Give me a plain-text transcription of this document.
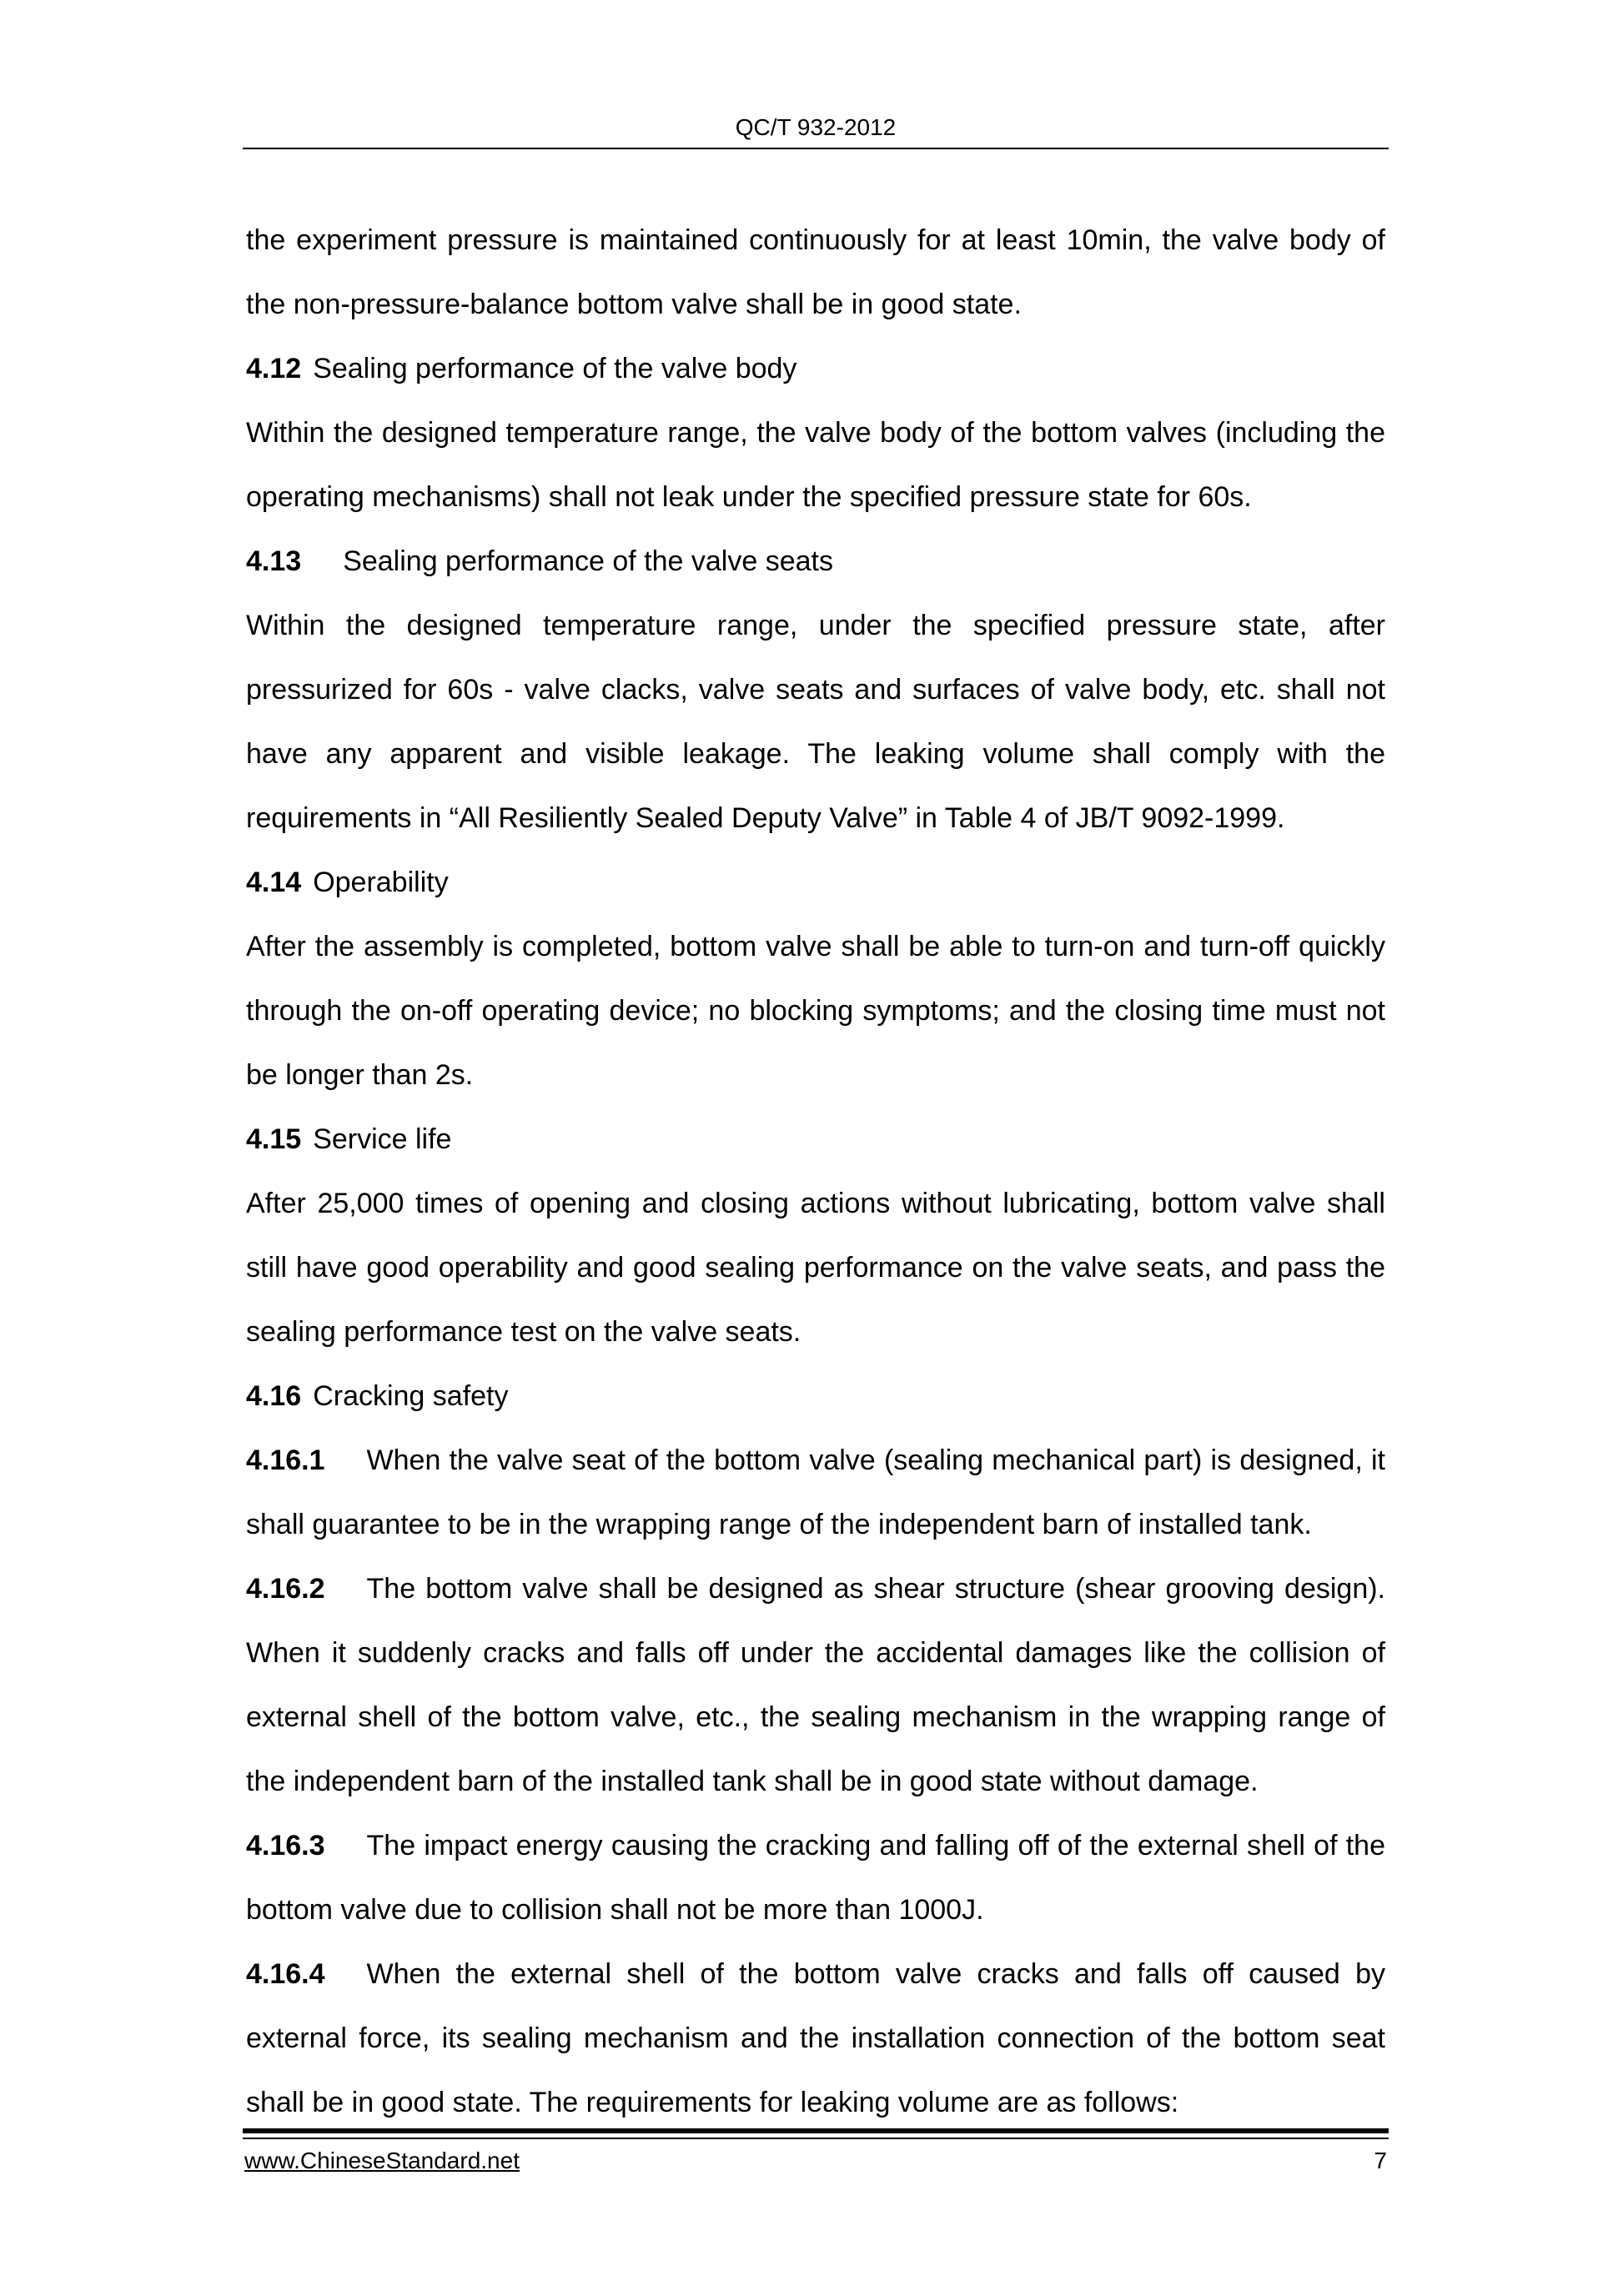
QC/T 932-2012

the experiment pressure is maintained continuously for at least 10min, the valve body of the non-pressure-balance bottom valve shall be in good state.

4.12 Sealing performance of the valve body

Within the designed temperature range, the valve body of the bottom valves (including the operating mechanisms) shall not leak under the specified pressure state for 60s.

4.13 Sealing performance of the valve seats

Within the designed temperature range, under the specified pressure state, after pressurized for 60s - valve clacks, valve seats and surfaces of valve body, etc. shall not have any apparent and visible leakage. The leaking volume shall comply with the requirements in “All Resiliently Sealed Deputy Valve” in Table 4 of JB/T 9092-1999.

4.14 Operability

After the assembly is completed, bottom valve shall be able to turn-on and turn-off quickly through the on-off operating device; no blocking symptoms; and the closing time must not be longer than 2s.

4.15 Service life

After 25,000 times of opening and closing actions without lubricating, bottom valve shall still have good operability and good sealing performance on the valve seats, and pass the sealing performance test on the valve seats.

4.16 Cracking safety

4.16.1 When the valve seat of the bottom valve (sealing mechanical part) is designed, it shall guarantee to be in the wrapping range of the independent barn of installed tank.

4.16.2 The bottom valve shall be designed as shear structure (shear grooving design). When it suddenly cracks and falls off under the accidental damages like the collision of external shell of the bottom valve, etc., the sealing mechanism in the wrapping range of the independent barn of the installed tank shall be in good state without damage.

4.16.3 The impact energy causing the cracking and falling off of the external shell of the bottom valve due to collision shall not be more than 1000J.

4.16.4 When the external shell of the bottom valve cracks and falls off caused by external force, its sealing mechanism and the installation connection of the bottom seat shall be in good state. The requirements for leaking volume are as follows:

www.ChineseStandard.net	7
